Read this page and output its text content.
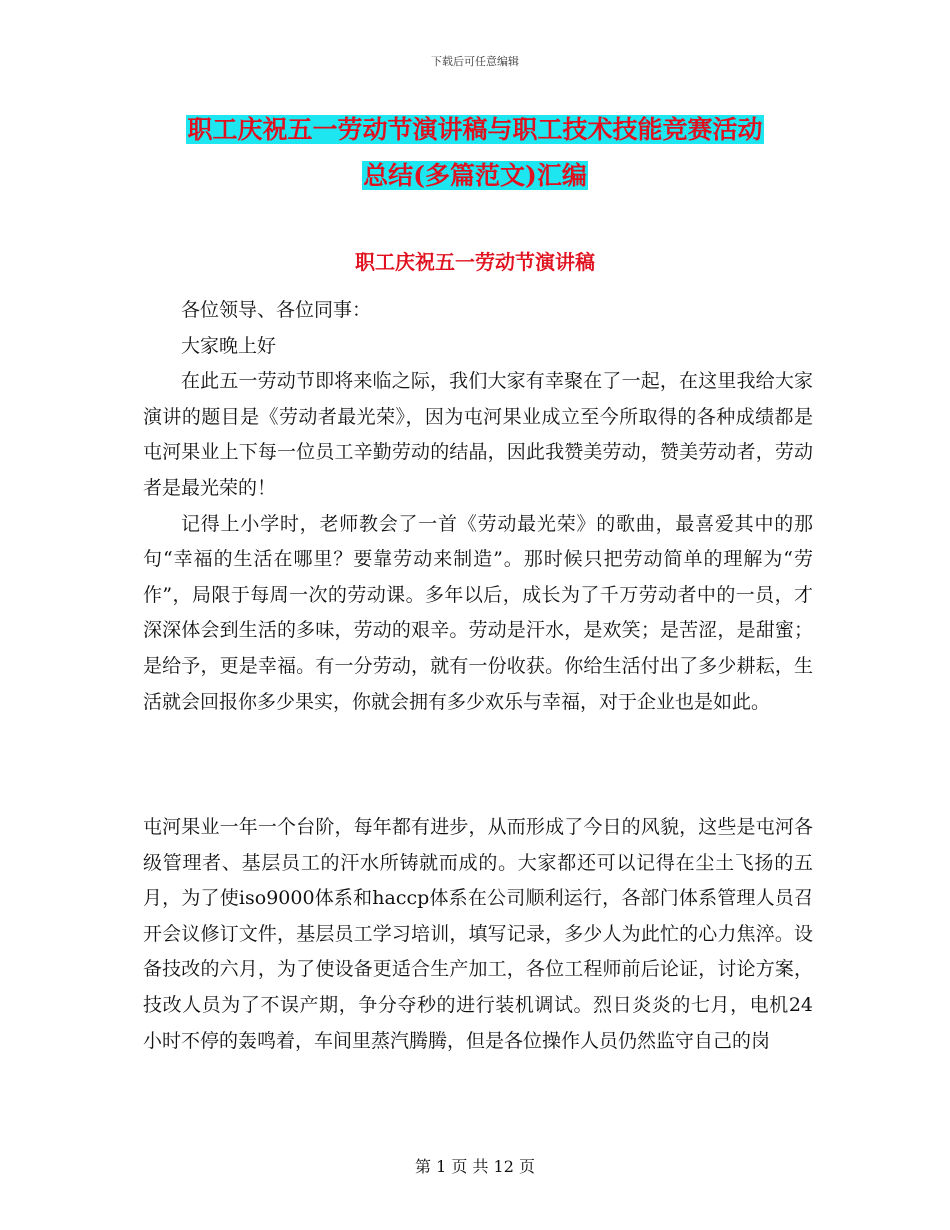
下载后可任意编辑
职工庆祝五一劳动节演讲稿与职工技术技能竞赛活动
总结(多篇范文)汇编
职工庆祝五一劳动节演讲稿

各位领导、各位同事：

大家晚上好

在此五一劳动节即将来临之际，我们大家有幸聚在了一起，在这里我给大家演讲的题目是《劳动者最光荣》，因为屯河果业成立至今所取得的各种成绩都是屯河果业上下每一位员工辛勤劳动的结晶，因此我赞美劳动，赞美劳动者，劳动者是最光荣的！

记得上小学时，老师教会了一首《劳动最光荣》的歌曲，最喜爱其中的那句“幸福的生活在哪里？要靠劳动来制造”。那时候只把劳动简单的理解为“劳作”，局限于每周一次的劳动课。多年以后，成长为了千万劳动者中的一员，才深深体会到生活的多味，劳动的艰辛。劳动是汗水，是欢笑；是苦涩，是甜蜜；是给予，更是幸福。有一分劳动，就有一份收获。你给生活付出了多少耕耘，生活就会回报你多少果实，你就会拥有多少欢乐与幸福，对于企业也是如此。

屯河果业一年一个台阶，每年都有进步，从而形成了今日的风貌，这些是屯河各级管理者、基层员工的汗水所铸就而成的。大家都还可以记得在尘土飞扬的五月，为了使iso9000体系和haccp体系在公司顺利运行，各部门体系管理人员召开会议修订文件，基层员工学习培训，填写记录，多少人为此忙的心力焦淬。设备技改的六月，为了使设备更适合生产加工，各位工程师前后论证，讨论方案，技改人员为了不误产期，争分夺秒的进行装机调试。烈日炎炎的七月，电机24小时不停的轰鸣着，车间里蒸汽腾腾，但是各位操作人员仍然监守自己的岗

第 1 页 共 12 页
